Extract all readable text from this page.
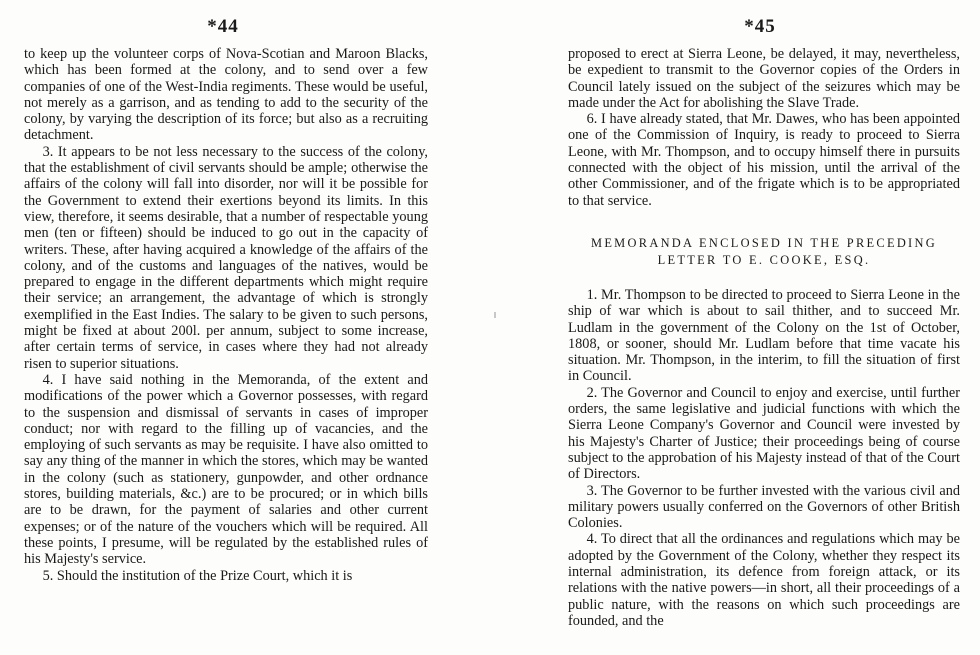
*44

to keep up the volunteer corps of Nova-Scotian and Maroon Blacks, which has been formed at the colony, and to send over a few companies of one of the West-India regiments. These would be useful, not merely as a garrison, and as tending to add to the security of the colony, by varying the description of its force; but also as a recruiting detachment.

3. It appears to be not less necessary to the success of the colony, that the establishment of civil servants should be ample; otherwise the affairs of the colony will fall into disorder, nor will it be possible for the Government to extend their exertions beyond its limits. In this view, therefore, it seems desirable, that a number of respectable young men (ten or fifteen) should be induced to go out in the capacity of writers. These, after having acquired a knowledge of the affairs of the colony, and of the customs and languages of the natives, would be prepared to engage in the different departments which might require their service; an arrangement, the advantage of which is strongly exemplified in the East Indies. The salary to be given to such persons, might be fixed at about 200l. per annum, subject to some increase, after certain terms of service, in cases where they had not already risen to superior situations.

4. I have said nothing in the Memoranda, of the extent and modifications of the power which a Governor possesses, with regard to the suspension and dismissal of servants in cases of improper conduct; nor with regard to the filling up of vacancies, and the employing of such servants as may be requisite. I have also omitted to say any thing of the manner in which the stores, which may be wanted in the colony (such as stationery, gunpowder, and other ordnance stores, building materials, &c.) are to be procured; or in which bills are to be drawn, for the payment of salaries and other current expenses; or of the nature of the vouchers which will be required. All these points, I presume, will be regulated by the established rules of his Majesty's service.

5. Should the institution of the Prize Court, which it is

*45

proposed to erect at Sierra Leone, be delayed, it may, nevertheless, be expedient to transmit to the Governor copies of the Orders in Council lately issued on the subject of the seizures which may be made under the Act for abolishing the Slave Trade.

6. I have already stated, that Mr. Dawes, who has been appointed one of the Commission of Inquiry, is ready to proceed to Sierra Leone, with Mr. Thompson, and to occupy himself there in pursuits connected with the object of his mission, until the arrival of the other Commissioner, and of the frigate which is to be appropriated to that service.

MEMORANDA ENCLOSED IN THE PRECEDING
LETTER TO E. COOKE, ESQ.

1. Mr. Thompson to be directed to proceed to Sierra Leone in the ship of war which is about to sail thither, and to succeed Mr. Ludlam in the government of the Colony on the 1st of October, 1808, or sooner, should Mr. Ludlam before that time vacate his situation. Mr. Thompson, in the interim, to fill the situation of first in Council.

2. The Governor and Council to enjoy and exercise, until further orders, the same legislative and judicial functions with which the Sierra Leone Company's Governor and Council were invested by his Majesty's Charter of Justice; their proceedings being of course subject to the approbation of his Majesty instead of that of the Court of Directors.

3. The Governor to be further invested with the various civil and military powers usually conferred on the Governors of other British Colonies.

4. To direct that all the ordinances and regulations which may be adopted by the Government of the Colony, whether they respect its internal administration, its defence from foreign attack, or its relations with the native powers—in short, all their proceedings of a public nature, with the reasons on which such proceedings are founded, and the
